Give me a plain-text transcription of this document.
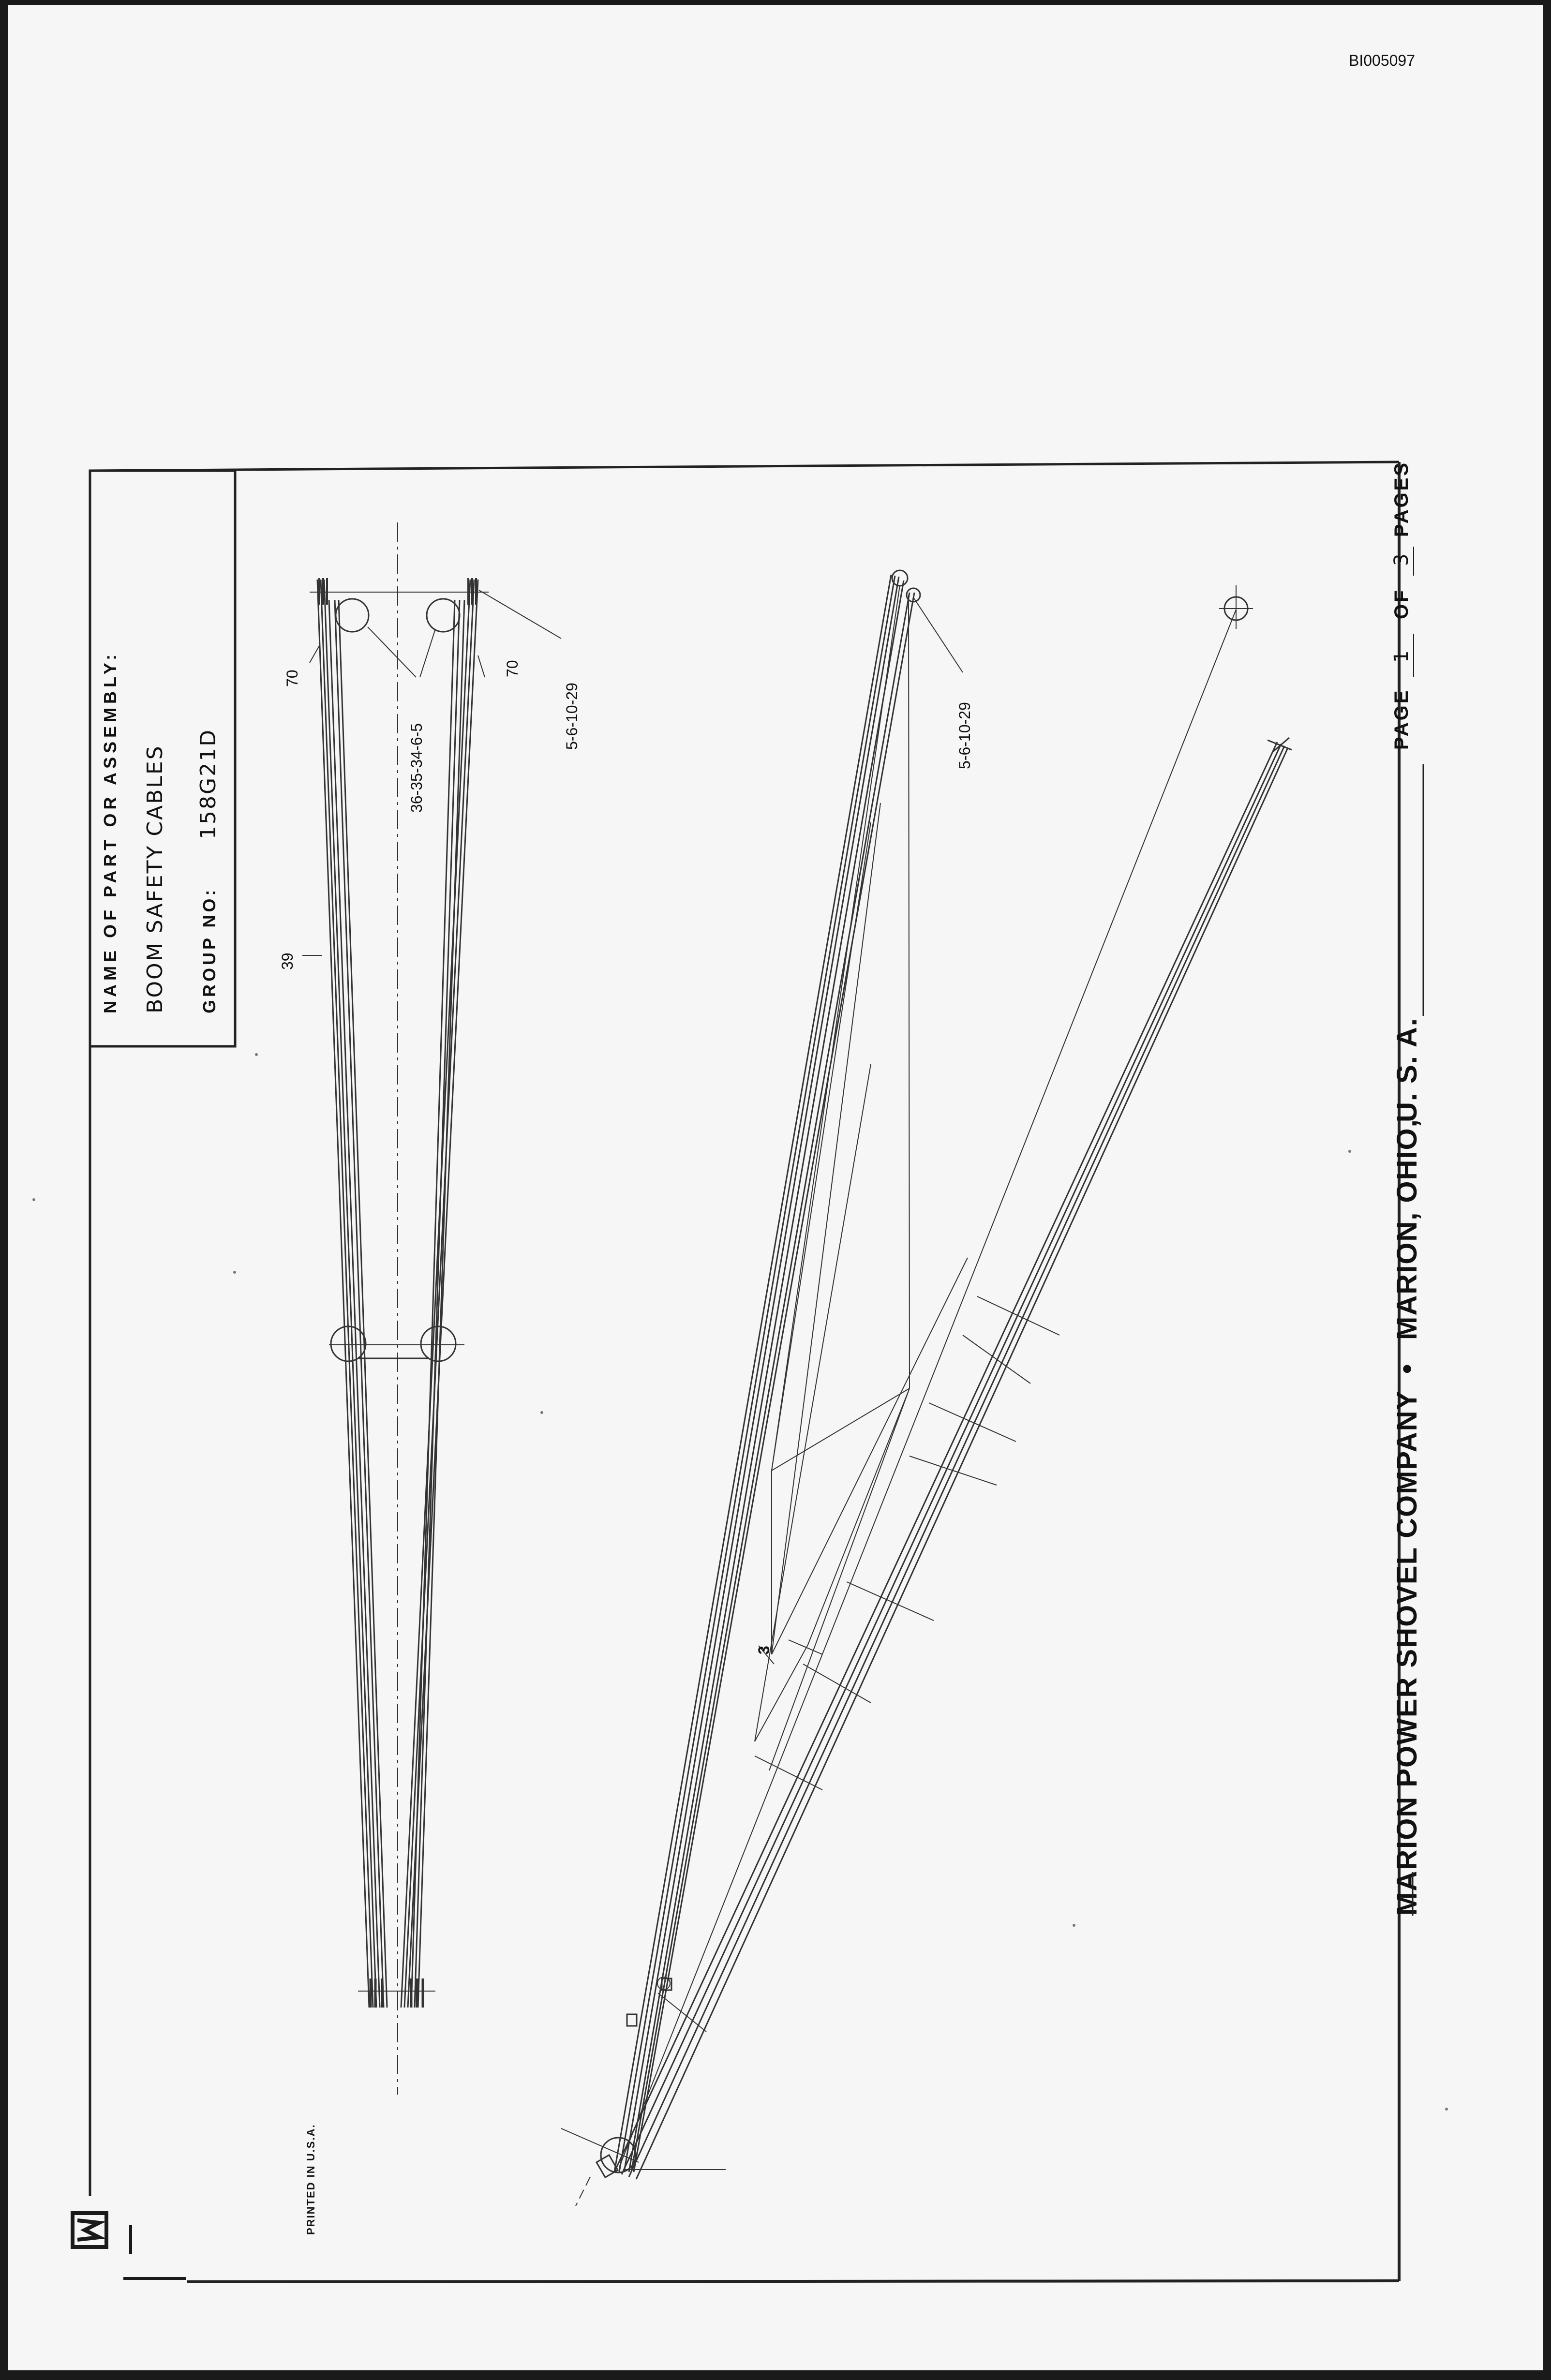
BI005097
NAME OF PART OR ASSEMBLY: BOOM SAFETY CABLES GROUP NO:
158G21D
70
70
36-35-34-6-5
5-6-10-29
39
5-6-10-29
3	MARION POWER SHOVEL COMPANY
•
MARION, OHIO,
U. S. A.
PAGE
1
OF
3
PAGES
PRINTED IN U.S.A.
